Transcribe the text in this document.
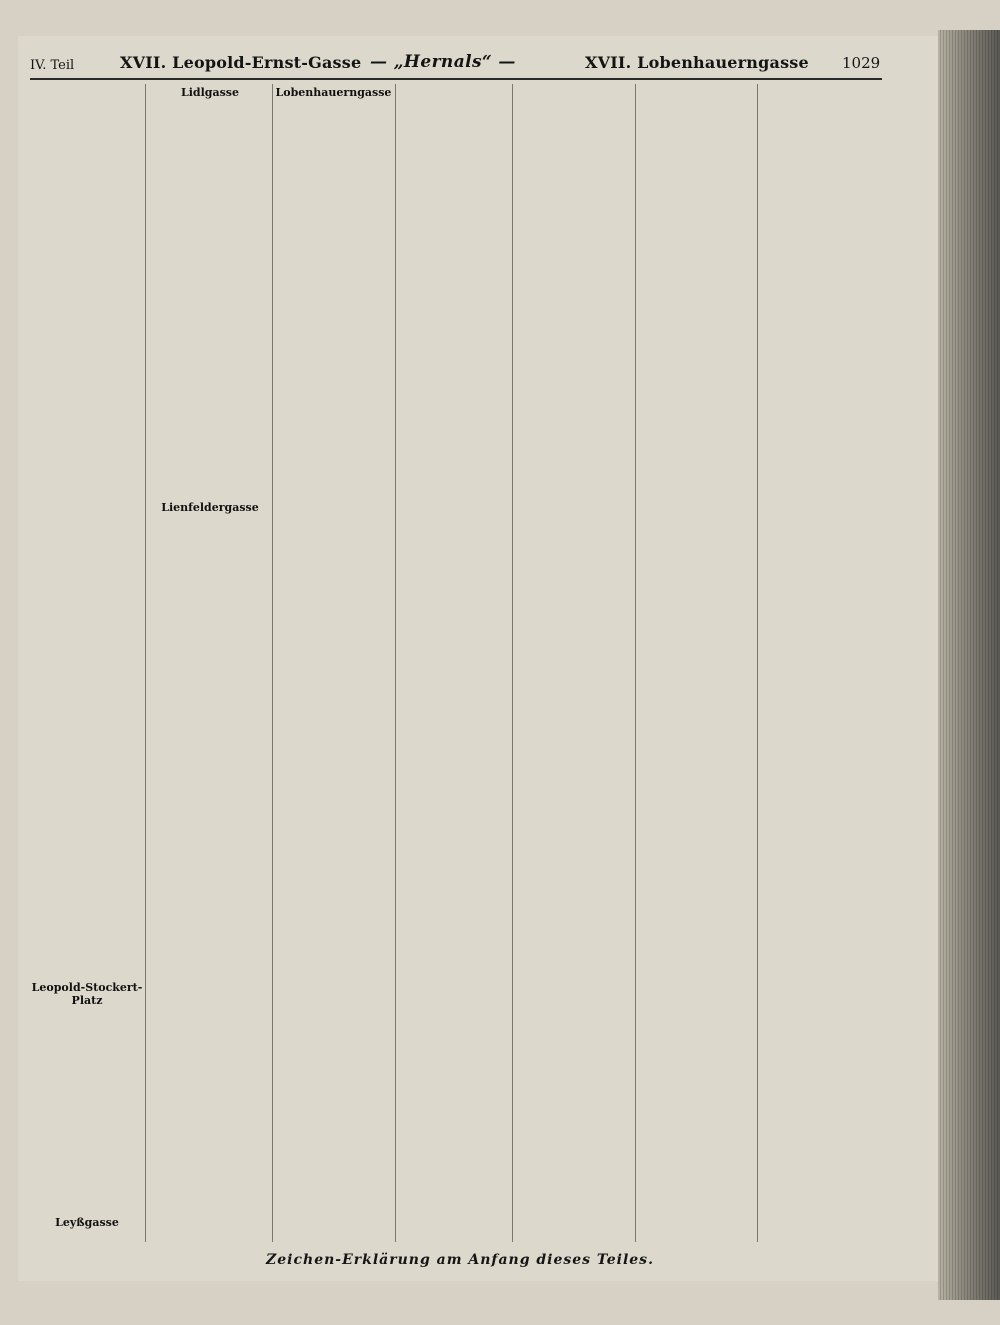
IV. Teil	XVII. Leopold-Ernst-Gasse — „Hernals“ —	XVII. Lobenhauerngasse 1029
Leopold-Stockert-Platz
Leyßgasse
Lidlgasse
Lienfeldergasse
Lobenhauerngasse
Zeichen-Erklärung am Anfang dieses Teiles.
